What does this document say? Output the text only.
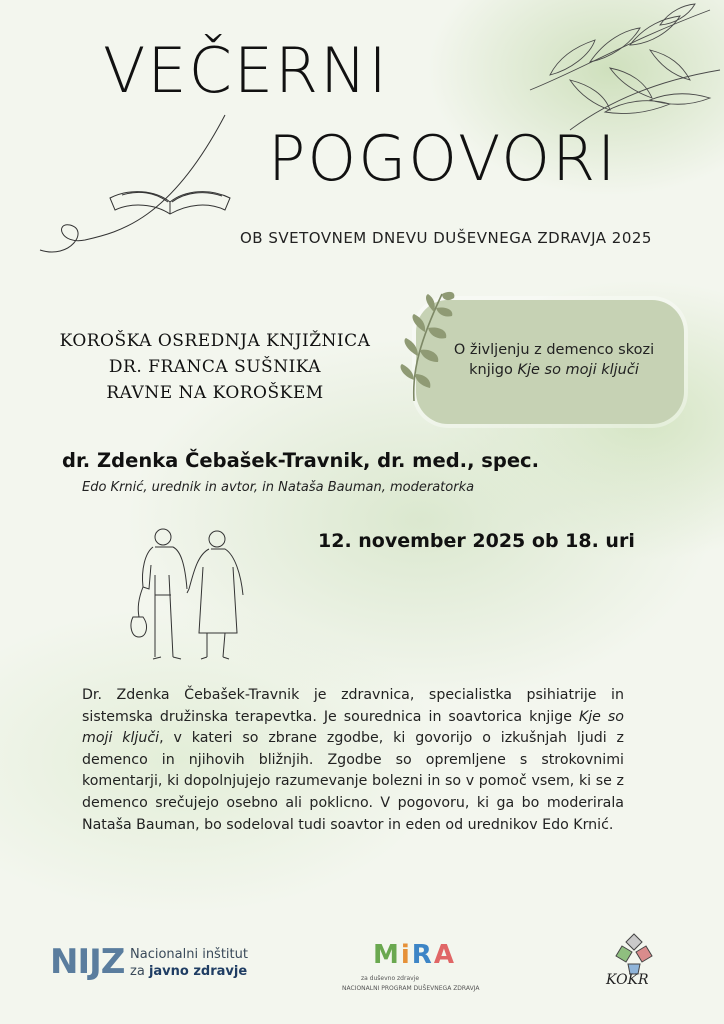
VEČERNI
POGOVORI
OB SVETOVNEM DNEVU DUŠEVNEGA ZDRAVJA 2025
KOROŠKA OSREDNJA KNJIŽNICA
DR. FRANCA SUŠNIKA
RAVNE NA KOROŠKEM
O življenju z demenco skozi
knjigo Kje so moji ključi
dr. Zdenka Čebašek-Travnik, dr. med., spec.
Edo Krnić, urednik in avtor, in Nataša Bauman, moderatorka
12. november 2025 ob 18. uri
Dr. Zdenka Čebašek-Travnik je zdravnica, specialistka psihiatrije in sistemska družinska terapevtka. Je sourednica in soavtorica knjige Kje so moji ključi, v kateri so zbrane zgodbe, ki govorijo o izkušnjah ljudi z demenco in njihovih bližnjih. Zgodbe so opremljene s strokovnimi komentarji, ki dopolnjujejo razumevanje bolezni in so v pomoč vsem, ki se z demenco srečujejo osebno ali poklicno. V pogovoru, ki ga bo moderirala Nataša Bauman, bo sodeloval tudi soavtor in eden od urednikov Edo Krnić.
NIJZ Nacionalni inštitut
za javno zdravje
MiRA
za duševno zdravje
NACIONALNI PROGRAM DUŠEVNEGA ZDRAVJA
KOKR
